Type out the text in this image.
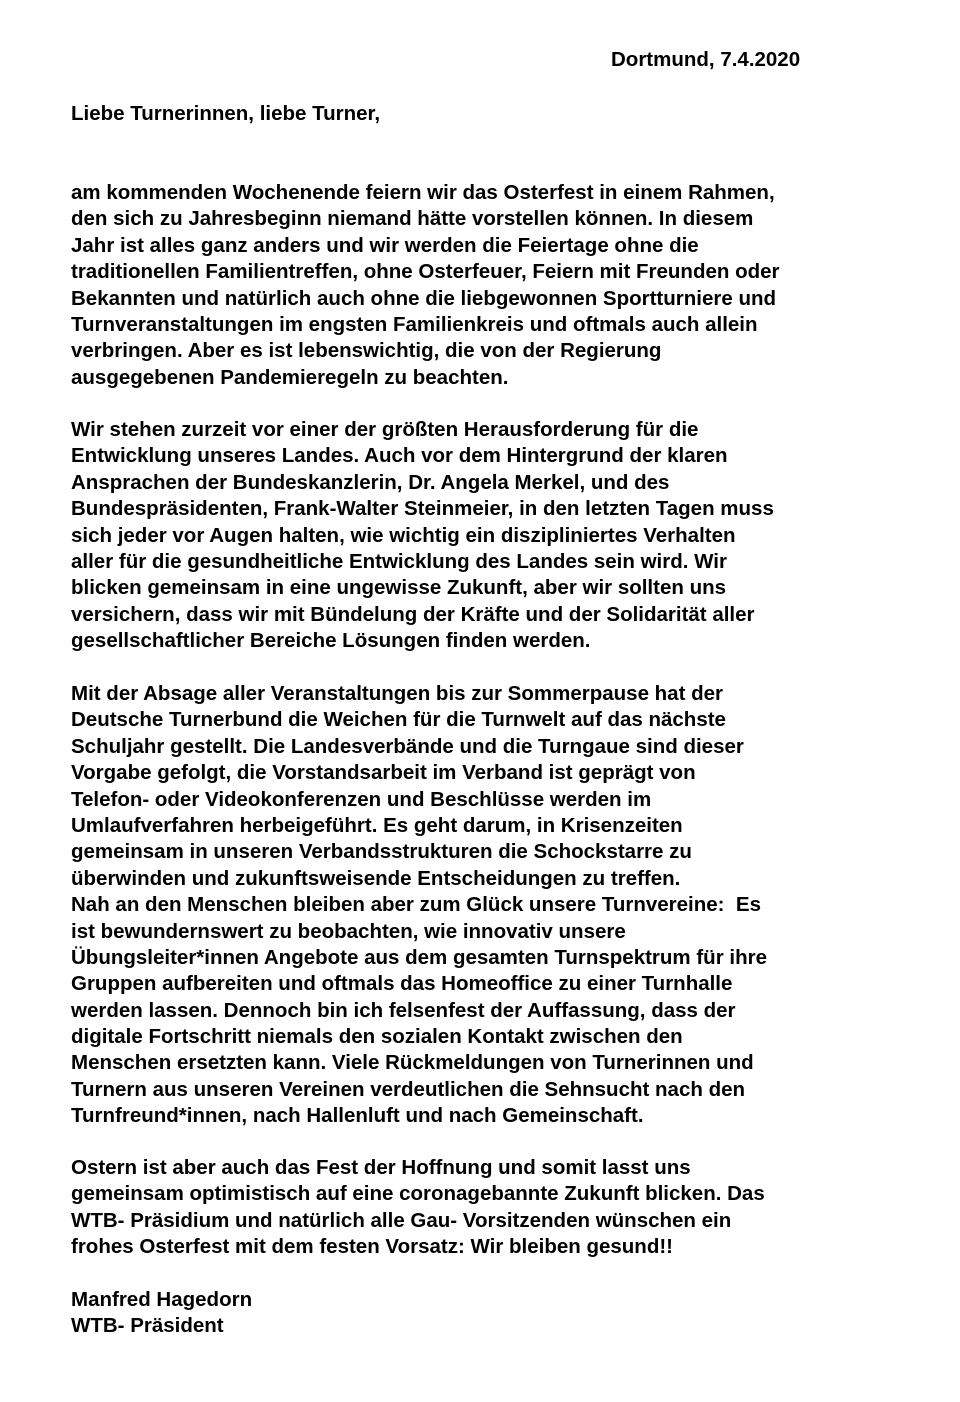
Dortmund, 7.4.2020
Liebe Turnerinnen, liebe Turner,
am kommenden Wochenende feiern wir das Osterfest in einem Rahmen,
den sich zu Jahresbeginn niemand hätte vorstellen können. In diesem
Jahr ist alles ganz anders und wir werden die Feiertage ohne die
traditionellen Familientreffen, ohne Osterfeuer, Feiern mit Freunden oder
Bekannten und natürlich auch ohne die liebgewonnen Sportturniere und
Turnveranstaltungen im engsten Familienkreis und oftmals auch allein
verbringen. Aber es ist lebenswichtig, die von der Regierung
ausgegebenen Pandemieregeln zu beachten.
Wir stehen zurzeit vor einer der größten Herausforderung für die
Entwicklung unseres Landes. Auch vor dem Hintergrund der klaren
Ansprachen der Bundeskanzlerin, Dr. Angela Merkel, und des
Bundespräsidenten, Frank-Walter Steinmeier, in den letzten Tagen muss
sich jeder vor Augen halten, wie wichtig ein diszipliniertes Verhalten
aller für die gesundheitliche Entwicklung des Landes sein wird. Wir
blicken gemeinsam in eine ungewisse Zukunft, aber wir sollten uns
versichern, dass wir mit Bündelung der Kräfte und der Solidarität aller
gesellschaftlicher Bereiche Lösungen finden werden.
Mit der Absage aller Veranstaltungen bis zur Sommerpause hat der
Deutsche Turnerbund die Weichen für die Turnwelt auf das nächste
Schuljahr gestellt. Die Landesverbände und die Turngaue sind dieser
Vorgabe gefolgt, die Vorstandsarbeit im Verband ist geprägt von
Telefon- oder Videokonferenzen und Beschlüsse werden im
Umlaufverfahren herbeigeführt. Es geht darum, in Krisenzeiten
gemeinsam in unseren Verbandsstrukturen die Schockstarre zu
überwinden und zukunftsweisende Entscheidungen zu treffen.
Nah an den Menschen bleiben aber zum Glück unsere Turnvereine:  Es
ist bewundernswert zu beobachten, wie innovativ unsere
Übungsleiter*innen Angebote aus dem gesamten Turnspektrum für ihre
Gruppen aufbereiten und oftmals das Homeoffice zu einer Turnhalle
werden lassen. Dennoch bin ich felsenfest der Auffassung, dass der
digitale Fortschritt niemals den sozialen Kontakt zwischen den
Menschen ersetzten kann. Viele Rückmeldungen von Turnerinnen und
Turnern aus unseren Vereinen verdeutlichen die Sehnsucht nach den
Turnfreund*innen, nach Hallenluft und nach Gemeinschaft.
Ostern ist aber auch das Fest der Hoffnung und somit lasst uns
gemeinsam optimistisch auf eine coronagebannte Zukunft blicken. Das
WTB- Präsidium und natürlich alle Gau- Vorsitzenden wünschen ein
frohes Osterfest mit dem festen Vorsatz: Wir bleiben gesund!!
Manfred Hagedorn
WTB- Präsident
